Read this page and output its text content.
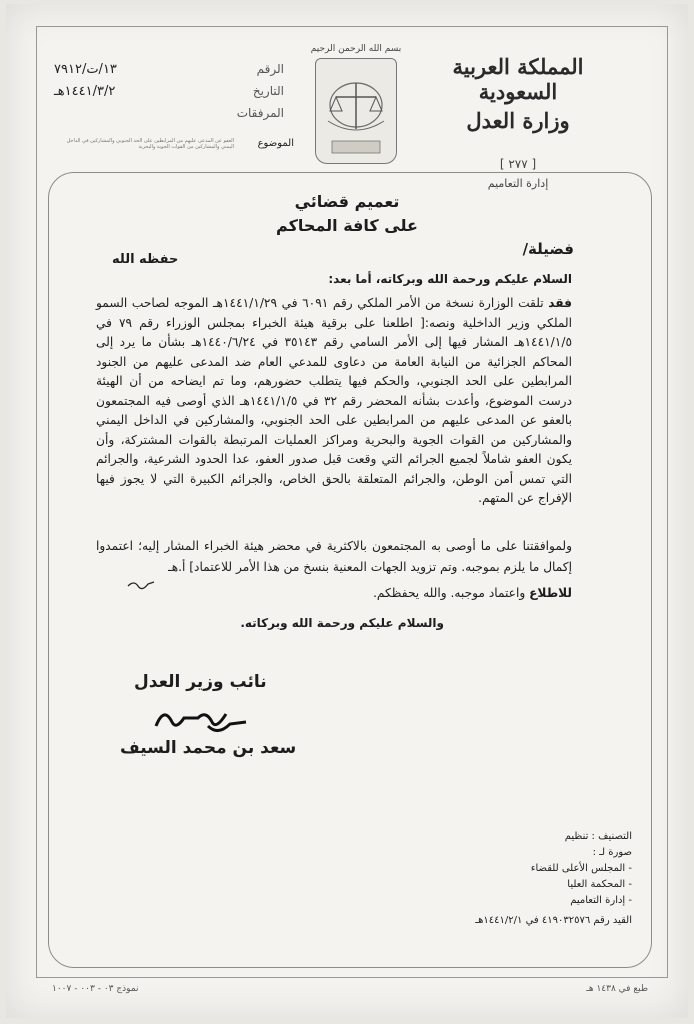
المملكة العربية السعودية
وزارة العدل
[ ٢٧٧ ]
إدارة التعاميم
بسم الله الرحمن الرحيم
الرقم
١٣/ت/٧٩١٢
التاريخ
١٤٤١/٣/٢هـ
المرفقات
الموضوع
العفو عن المدعى عليهم من المرابطين على الحد الجنوبي والمشاركين في الداخل اليمني والمشاركين من القوات الجوية والبحرية
تعميم قضائي
على كافة المحاكم
فضيلة/
حفظه الله
السلام عليكم ورحمة الله وبركاته، أما بعد:
فقد تلقت الوزارة نسخة من الأمر الملكي رقم ٦٠٩١ في ١٤٤١/١/٢٩هـ الموجه لصاحب السمو الملكي وزير الداخلية ونصه:[ اطلعنا على برقية هيئة الخبراء بمجلس الوزراء رقم ٧٩ في ١٤٤١/١/٥هـ المشار فيها إلى الأمر السامي رقم ٣٥١٤٣ في ١٤٤٠/٦/٢٤هـ بشأن ما يرد إلى المحاكم الجزائية من النيابة العامة من دعاوى للمدعي العام ضد المدعى عليهم من الجنود المرابطين على الحد الجنوبي، والحكم فيها يتطلب حضورهم، وما تم ايضاحه من أن الهيئة درست الموضوع، وأعدت بشأنه المحضر رقم ٣٢ في ١٤٤١/١/٥هـ الذي أوصى فيه المجتمعون بالعفو عن المدعى عليهم من المرابطين على الحد الجنوبي، والمشاركين في الداخل اليمني والمشاركين من القوات الجوية والبحرية ومراكز العمليات المرتبطة بالقوات المشتركة، وأن يكون العفو شاملاً لجميع الجرائم التي وقعت قبل صدور العفو، عدا الحدود الشرعية، والجرائم التي تمس أمن الوطن، والجرائم المتعلقة بالحق الخاص، والجرائم الكبيرة التي لا يجوز فيها الإفراج عن المتهم.
ولموافقتنا على ما أوصى به المجتمعون بالاكثرية في محضر هيئة الخبراء المشار إليه؛ اعتمدوا إكمال ما يلزم بموجبه. وتم تزويد الجهات المعنية بنسخ من هذا الأمر للاعتماد] أ.هـ
للاطلاع واعتماد موجبه. والله يحفظكم.
والسلام عليكم ورحمة الله وبركاته.
نائب وزير العدل
سعد بن محمد السيف
التصنيف : تنظيم
صورة لـ :
- المجلس الأعلى للقضاء
- المحكمة العليا
- إدارة التعاميم
القيد رقم ٤١٩٠٣٢٥٧٦ في ١٤٤١/٢/١هـ
نموذج ٠٣ - ٠٠٣ - ١٠٠٧	طبع في ١٤٣٨ هـ
